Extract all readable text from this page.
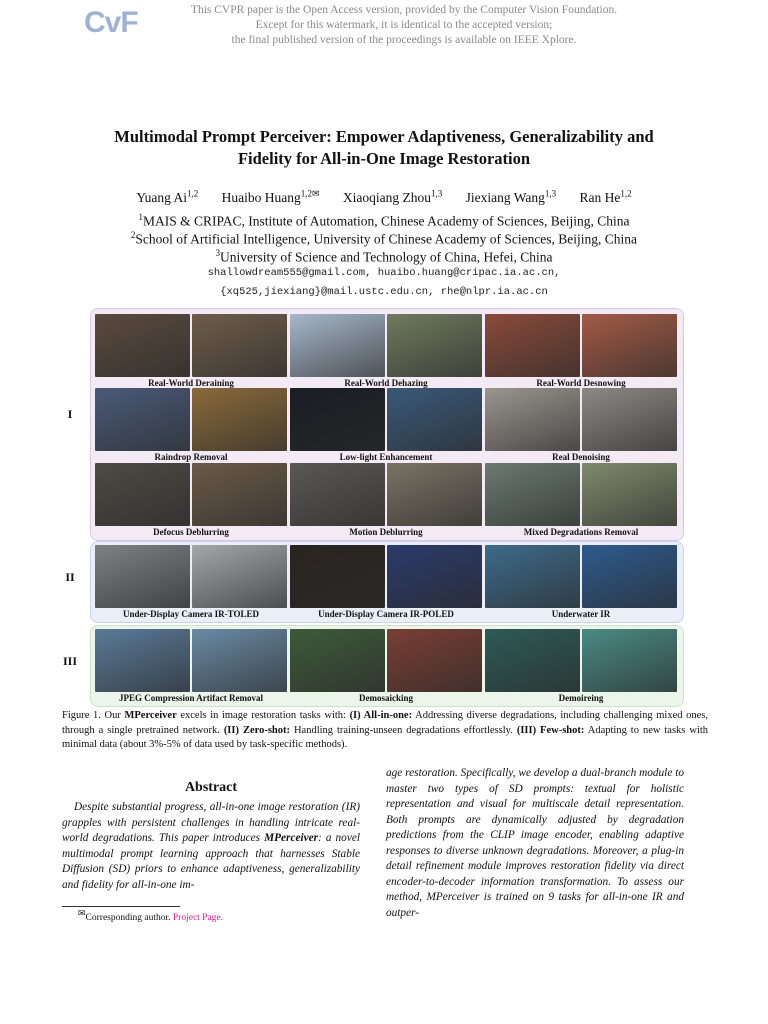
CvF	This CVPR paper is the Open Access version, provided by the Computer Vision Foundation.
Except for this watermark, it is identical to the accepted version;
the final published version of the proceedings is available on IEEE Xplore.
Multimodal Prompt Perceiver: Empower Adaptiveness, Generalizability and
Fidelity for All-in-One Image Restoration
Yuang Ai$^{1,2}$ Huaibo Huang$^{1,2✉}$ Xiaoqiang Zhou$^{1,3}$ Jiexiang Wang$^{1,3}$ Ran He$^{1,2}$
$^1$MAIS & CRIPAC, Institute of Automation, Chinese Academy of Sciences, Beijing, China
$^2$School of Artificial Intelligence, University of Chinese Academy of Sciences, Beijing, China
$^3$University of Science and Technology of China, Hefei, China
shallowdream555@gmail.com, huaibo.huang@cripac.ia.ac.cn,
{xq525,jiexiang}@mail.ustc.edu.cn, rhe@nlpr.ia.ac.cn
I
II
III
Real-World Deraining	Real-World Dehazing	Real-World Desnowing
Raindrop Removal	Low-light Enhancement	Real Denoising
Defocus Deblurring	Motion Deblurring	Mixed Degradations Removal
Under-Display Camera IR-TOLED	Under-Display Camera IR-POLED	Underwater IR
JPEG Compression Artifact Removal	Demosaicking	Demoireing
Figure 1. Our MPerceiver excels in image restoration tasks with: (I) All-in-one: Addressing diverse degradations, including challenging mixed ones, through a single pretrained network. (II) Zero-shot: Handling training-unseen degradations effortlessly. (III) Few-shot: Adapting to new tasks with minimal data (about 3%-5% of data used by task-specific methods).
Abstract
Despite substantial progress, all-in-one image restoration (IR) grapples with persistent challenges in handling intricate real-world degradations. This paper introduces MPerceiver: a novel multimodal prompt learning approach that harnesses Stable Diffusion (SD) priors to enhance adaptiveness, generalizability and fidelity for all-in-one im-
age restoration. Specifically, we develop a dual-branch module to master two types of SD prompts: textual for holistic representation and visual for multiscale detail representation. Both prompts are dynamically adjusted by degradation predictions from the CLIP image encoder, enabling adaptive responses to diverse unknown degradations. Moreover, a plug-in detail refinement module improves restoration fidelity via direct encoder-to-decoder information transformation. To assess our method, MPerceiver is trained on 9 tasks for all-in-one IR and outper-
✉Corresponding author. Project Page.
